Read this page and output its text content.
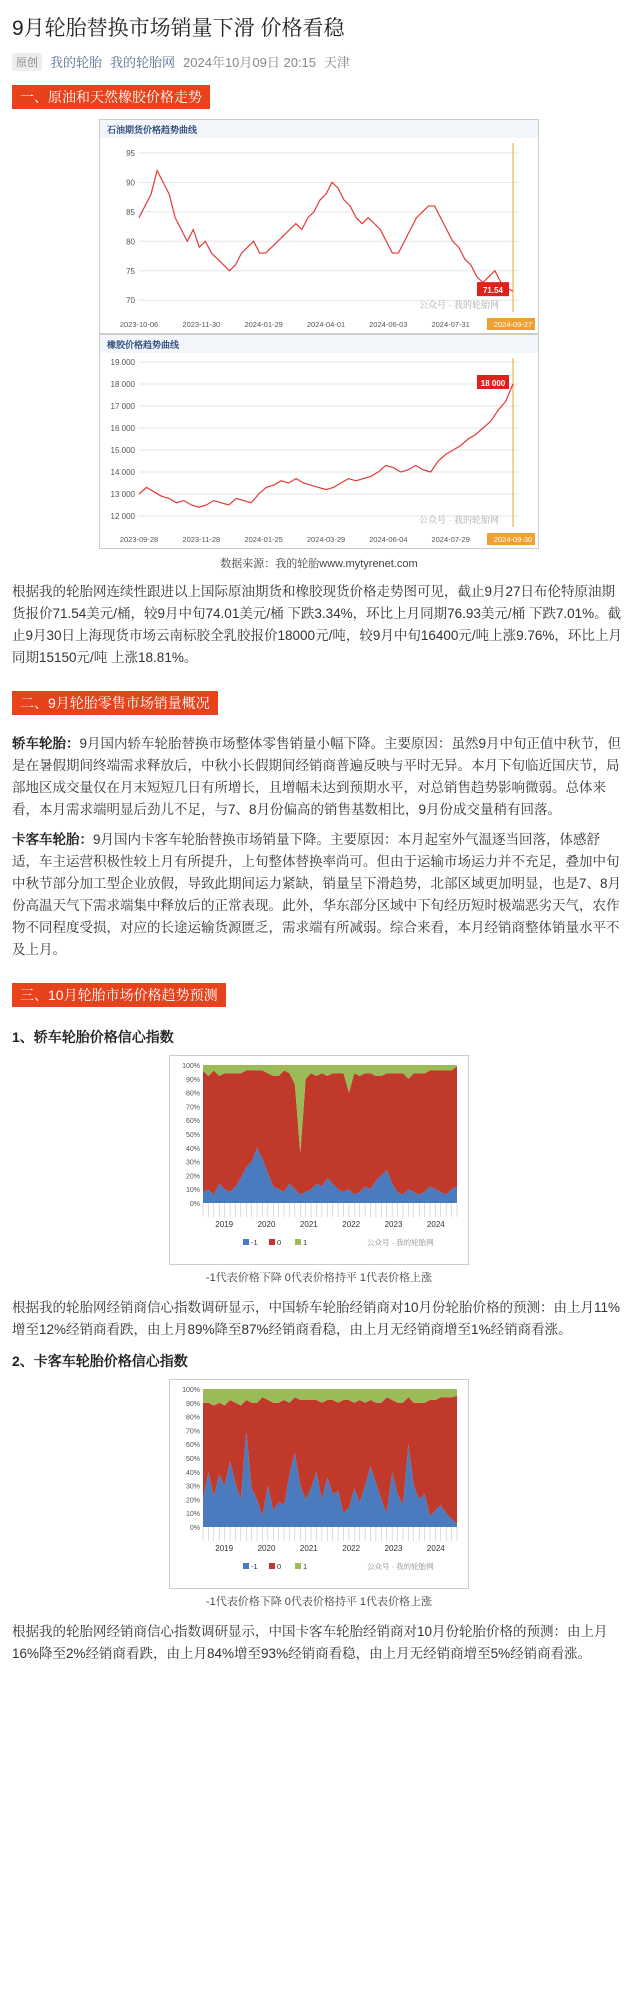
9月轮胎替换市场销量下滑 价格看稳
原创 我的轮胎 我的轮胎网 2024年10月09日 20:15 天津
一、原油和天然橡胶价格走势
石油期货价格趋势曲线
70
75
80
85
90
95
71.54
2023-10-06	2023-11-30	2024-01-29	2024-04-01	2024-06-03	2024-07-31	2024-09-27
公众号 · 我的轮胎网
橡胶价格趋势曲线
12 000
13 000
14 000
15 000
16 000
17 000
18 000
19 000
18 000
2023-09-28	2023-11-28	2024-01-25	2024-03-29	2024-06-04	2024-07-29	2024-09-30
公众号 · 我的轮胎网
数据来源：我的轮胎www.mytyrenet.com

根据我的轮胎网连续性跟进以上国际原油期货和橡胶现货价格走势图可见，截止9月27日布伦特原油期货报价71.54美元/桶，较9月中旬74.01美元/桶 下跌3.34%，环比上月同期76.93美元/桶 下跌7.01%。截止9月30日上海现货市场云南标胶全乳胶报价18000元/吨，较9月中旬16400元/吨上涨9.76%，环比上月同期15150元/吨 上涨18.81%。

二、9月轮胎零售市场销量概况

轿车轮胎：9月国内轿车轮胎替换市场整体零售销量小幅下降。主要原因：虽然9月中旬正值中秋节，但是在暑假期间终端需求释放后，中秋小长假期间经销商普遍反映与平时无异。本月下旬临近国庆节，局部地区成交量仅在月末短短几日有所增长，且增幅未达到预期水平，对总销售趋势影响微弱。总体来看，本月需求端明显后劲儿不足，与7、8月份偏高的销售基数相比，9月份成交量稍有回落。

卡客车轮胎：9月国内卡客车轮胎替换市场销量下降。主要原因：本月起室外气温逐当回落，体感舒适，车主运营积极性较上月有所提升，上旬整体替换率尚可。但由于运输市场运力并不充足，叠加中旬中秋节部分加工型企业放假，导致此期间运力紧缺，销量呈下滑趋势，北部区域更加明显，也是7、8月份高温天气下需求端集中释放后的正常表现。此外，华东部分区域中下旬经历短时极端恶劣天气，农作物不同程度受损，对应的长途运输货源匮乏，需求端有所减弱。综合来看，本月经销商整体销量水平不及上月。

三、10月轮胎市场价格趋势预测
1、轿车轮胎价格信心指数
0%
10%
20%
30%
40%
50%
60%
70%
80%
90%
100%
2019	2020	2021	2022	2023	2024
-1	0	1	公众号 · 我的轮胎网
-1代表价格下降 0代表价格持平 1代表价格上涨

根据我的轮胎网经销商信心指数调研显示，中国轿车轮胎经销商对10月份轮胎价格的预测：由上月11%增至12%经销商看跌，由上月89%降至87%经销商看稳，由上月无经销商增至1%经销商看涨。

2、卡客车轮胎价格信心指数
0%
10%
20%
30%
40%
50%
60%
70%
80%
90%
100%
2019	2020	2021	2022	2023	2024
-1	0	1	公众号 · 我的轮胎网
-1代表价格下降 0代表价格持平 1代表价格上涨

根据我的轮胎网经销商信心指数调研显示，中国卡客车轮胎经销商对10月份轮胎价格的预测：由上月16%降至2%经销商看跌，由上月84%增至93%经销商看稳，由上月无经销商增至5%经销商看涨。
